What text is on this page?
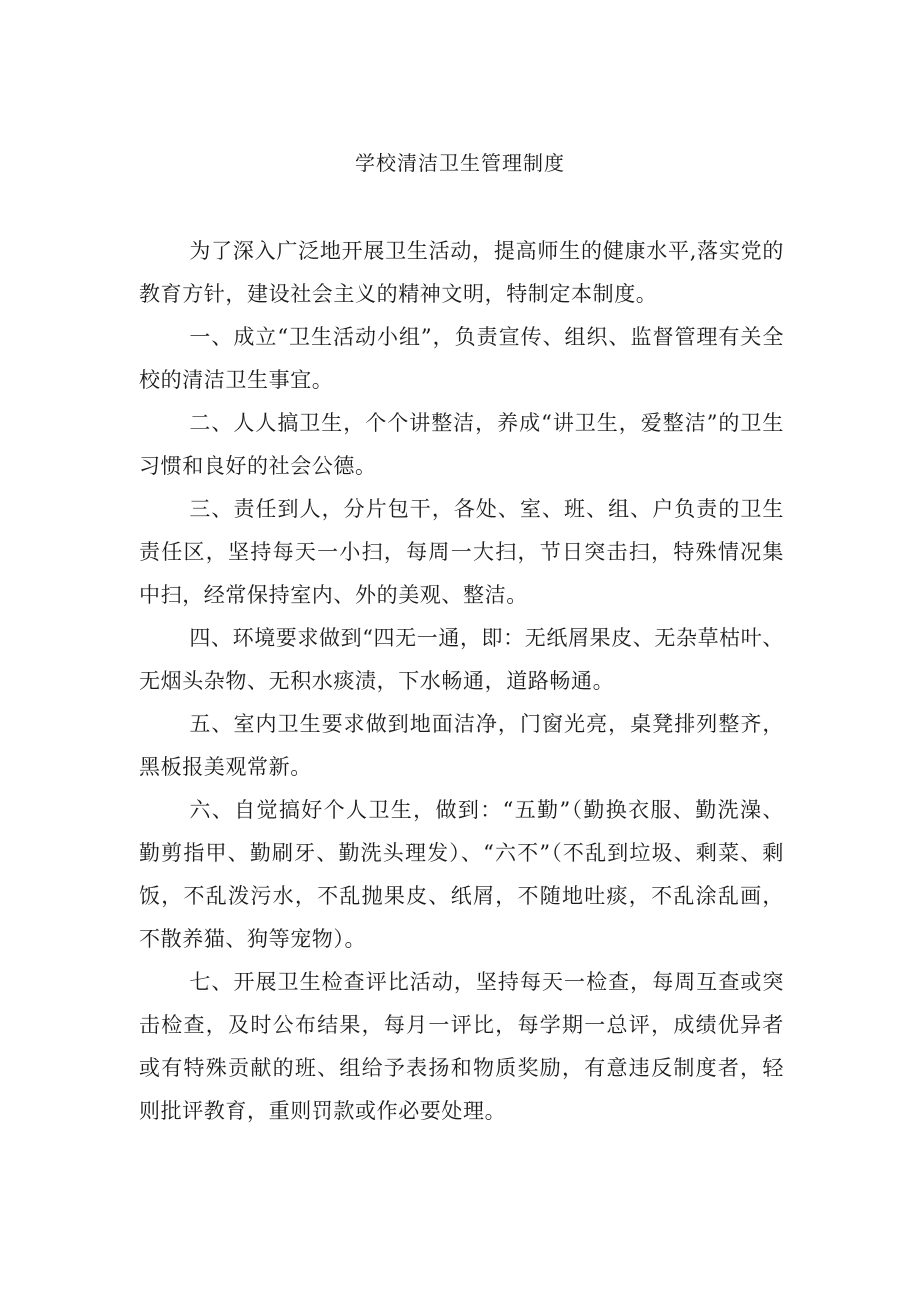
学校清洁卫生管理制度

为了深入广泛地开展卫生活动，提高师生的健康水平,落实党的教育方针，建设社会主义的精神文明，特制定本制度。

一、成立“卫生活动小组”，负责宣传、组织、监督管理有关全校的清洁卫生事宜。

二、人人搞卫生，个个讲整洁，养成“讲卫生，爱整洁”的卫生习惯和良好的社会公德。

三、责任到人，分片包干，各处、室、班、组、户负责的卫生责任区，坚持每天一小扫，每周一大扫，节日突击扫，特殊情况集中扫，经常保持室内、外的美观、整洁。

四、环境要求做到“四无一通，即：无纸屑果皮、无杂草枯叶、无烟头杂物、无积水痰渍，下水畅通，道路畅通。

五、室内卫生要求做到地面洁净，门窗光亮，桌凳排列整齐，黑板报美观常新。

六、自觉搞好个人卫生，做到：“五勤”（勤换衣服、勤洗澡、勤剪指甲、勤刷牙、勤洗头理发）、“六不”（不乱到垃圾、剩菜、剩饭，不乱泼污水，不乱抛果皮、纸屑，不随地吐痰，不乱涂乱画，不散养猫、狗等宠物）。

七、开展卫生检查评比活动，坚持每天一检查，每周互查或突击检查，及时公布结果，每月一评比，每学期一总评，成绩优异者或有特殊贡献的班、组给予表扬和物质奖励，有意违反制度者，轻则批评教育，重则罚款或作必要处理。
